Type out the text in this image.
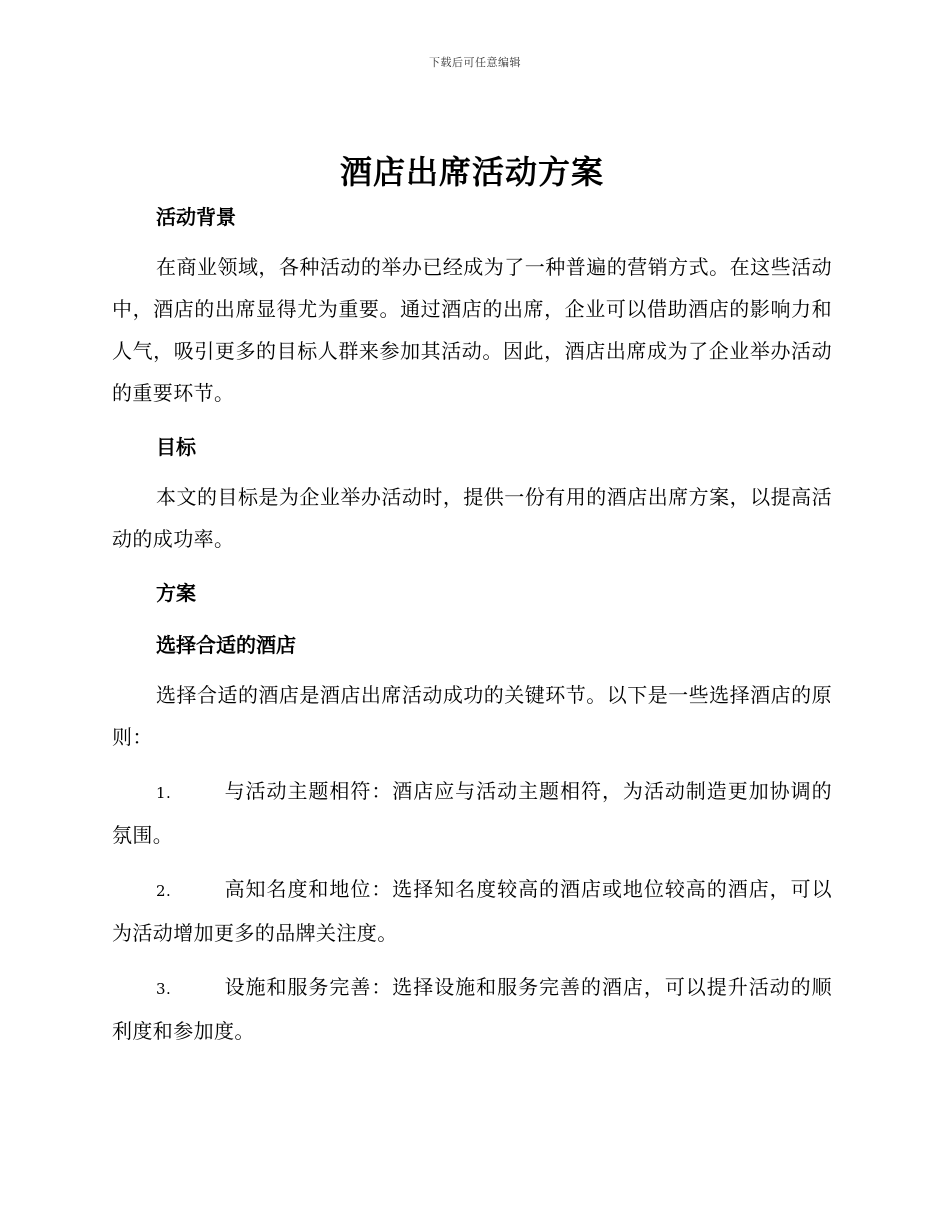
下载后可任意编辑
酒店出席活动方案
活动背景
在商业领域，各种活动的举办已经成为了一种普遍的营销方式。在这些活动中，酒店的出席显得尤为重要。通过酒店的出席，企业可以借助酒店的影响力和人气，吸引更多的目标人群来参加其活动。因此，酒店出席成为了企业举办活动的重要环节。
目标
本文的目标是为企业举办活动时，提供一份有用的酒店出席方案，以提高活动的成功率。
方案
选择合适的酒店
选择合适的酒店是酒店出席活动成功的关键环节。以下是一些选择酒店的原则：
1.	与活动主题相符：酒店应与活动主题相符，为活动制造更加协调的氛围。
2.	高知名度和地位：选择知名度较高的酒店或地位较高的酒店，可以为活动增加更多的品牌关注度。
3.	设施和服务完善：选择设施和服务完善的酒店，可以提升活动的顺利度和参加度。
